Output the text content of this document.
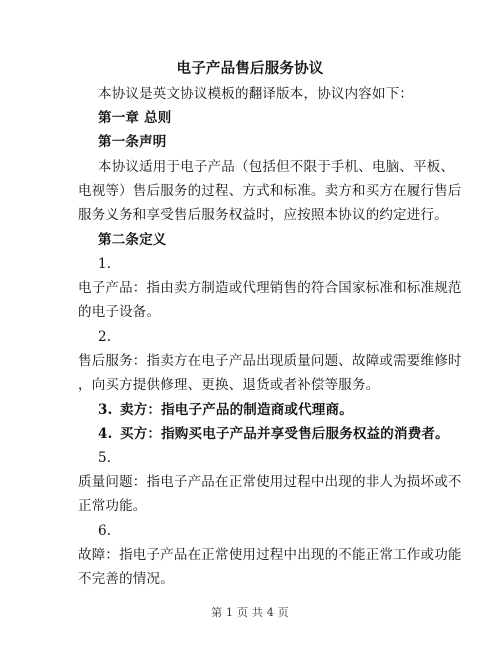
电子产品售后服务协议
本协议是英文协议模板的翻译版本，协议内容如下：
第一章 总则
第一条声明
本协议适用于电子产品（包括但不限于手机、电脑、平板、
电视等）售后服务的过程、方式和标准。卖方和买方在履行售后
服务义务和享受售后服务权益时，应按照本协议的约定进行。
第二条定义
1.
电子产品：指由卖方制造或代理销售的符合国家标准和标准规范
的电子设备。
2.
售后服务：指卖方在电子产品出现质量问题、故障或需要维修时
，向买方提供修理、更换、退货或者补偿等服务。
3. 卖方：指电子产品的制造商或代理商。
4. 买方：指购买电子产品并享受售后服务权益的消费者。
5.
质量问题：指电子产品在正常使用过程中出现的非人为损坏或不
正常功能。
6.
故障：指电子产品在正常使用过程中出现的不能正常工作或功能
不完善的情况。
第 1 页 共 4 页
